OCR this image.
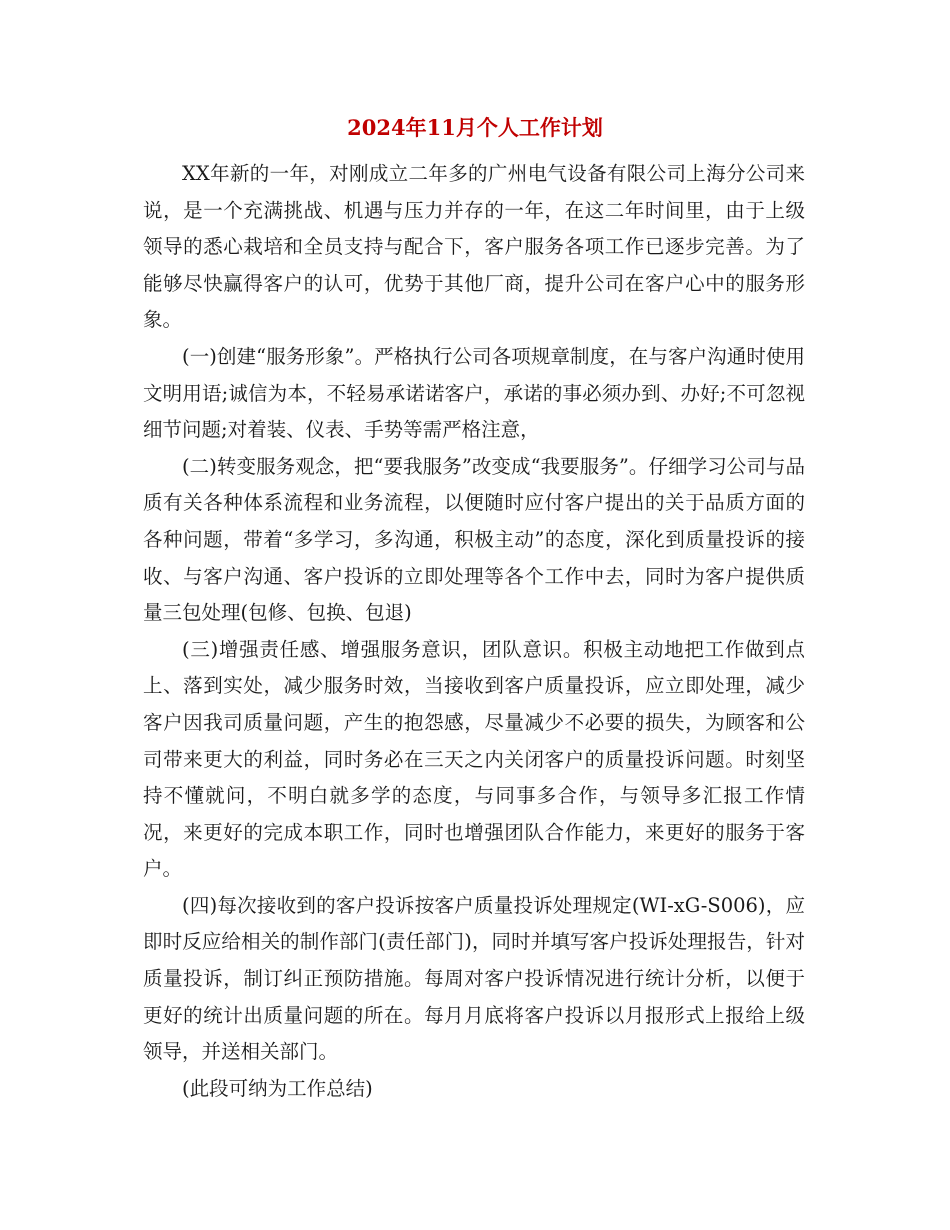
2024年11月个人工作计划

XX年新的一年，对刚成立二年多的广州电气设备有限公司上海分公司来说，是一个充满挑战、机遇与压力并存的一年，在这二年时间里，由于上级领导的悉心栽培和全员支持与配合下，客户服务各项工作已逐步完善。为了能够尽快赢得客户的认可，优势于其他厂商，提升公司在客户心中的服务形象。

(一)创建“服务形象”。严格执行公司各项规章制度，在与客户沟通时使用文明用语;诚信为本，不轻易承诺诺客户，承诺的事必须办到、办好;不可忽视细节问题;对着装、仪表、手势等需严格注意，

(二)转变服务观念，把“要我服务”改变成“我要服务”。仔细学习公司与品质有关各种体系流程和业务流程，以便随时应付客户提出的关于品质方面的各种问题，带着“多学习，多沟通，积极主动”的态度，深化到质量投诉的接收、与客户沟通、客户投诉的立即处理等各个工作中去，同时为客户提供质量三包处理(包修、包换、包退)

(三)增强责任感、增强服务意识，团队意识。积极主动地把工作做到点上、落到实处，减少服务时效，当接收到客户质量投诉，应立即处理，减少客户因我司质量问题，产生的抱怨感，尽量减少不必要的损失，为顾客和公司带来更大的利益，同时务必在三天之内关闭客户的质量投诉问题。时刻坚持不懂就问，不明白就多学的态度，与同事多合作，与领导多汇报工作情况，来更好的完成本职工作，同时也增强团队合作能力，来更好的服务于客户。

(四)每次接收到的客户投诉按客户质量投诉处理规定(WI-xG-S006)，应即时反应给相关的制作部门(责任部门)，同时并填写客户投诉处理报告，针对质量投诉，制订纠正预防措施。每周对客户投诉情况进行统计分析，以便于更好的统计出质量问题的所在。每月月底将客户投诉以月报形式上报给上级领导，并送相关部门。

(此段可纳为工作总结)
